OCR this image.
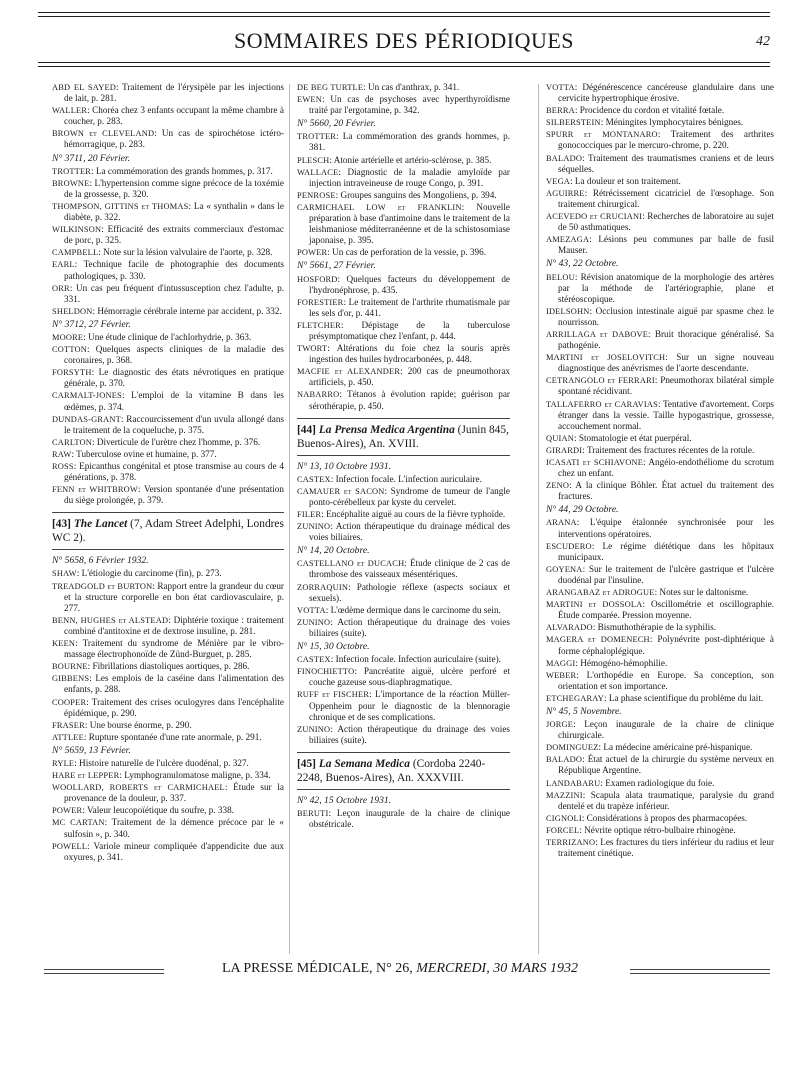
SOMMAIRES DES PÉRIODIQUES	42

ABD EL SAYED: Traitement de l'érysipèle par les injections de lait, p. 281.

WALLER: Choréa chez 3 enfants occupant la même chambre à coucher, p. 283.

BROWN et CLEVELAND: Un cas de spirochétose ictéro-hémorragique, p. 283.

N° 3711, 20 Février.

TROTTER: La commémoration des grands hommes, p. 317.

BROWNE: L'hypertension comme signe précoce de la toxémie de la grossesse, p. 320.

THOMPSON, GITTINS et THOMAS: La « synthalin » dans le diabète, p. 322.

WILKINSON: Efficacité des extraits commerciaux d'estomac de porc, p. 325.

CAMPBELL: Note sur la lésion valvulaire de l'aorte, p. 328.

EARL: Technique facile de photographie des documents pathologiques, p. 330.

ORR: Un cas peu fréquent d'intussusception chez l'adulte, p. 331.

SHELDON: Hémorragie cérébrale interne par accident, p. 332.

N° 3712, 27 Février.

MOORE: Une étude clinique de l'achlorhydrie, p. 363.

COTTON: Quelques aspects cliniques de la maladie des coronaires, p. 368.

FORSYTH: Le diagnostic des états névrotiques en pratique générale, p. 370.

CARMALT-JONES: L'emploi de la vitamine B dans les œdèmes, p. 374.

DUNDAS-GRANT: Raccourcissement d'un uvula allongé dans le traitement de la coqueluche, p. 375.

CARLTON: Diverticule de l'urètre chez l'homme, p. 376.

RAW: Tuberculose ovine et humaine, p. 377.

ROSS: Epicanthus congénital et ptose transmise au cours de 4 générations, p. 378.

FENN et WHITBROW: Version spontanée d'une présentation du siège prolongée, p. 379.

[43] The Lancet (7, Adam Street Adelphi, Londres WC 2).
N° 5658, 6 Février 1932.

SHAW: L'étiologie du carcinome (fin), p. 273.

TREADGOLD et BURTON: Rapport entre la grandeur du cœur et la structure corporelle en bon état cardiovasculaire, p. 277.

BENN, HUGHES et ALSTEAD: Diphtérie toxique : traitement combiné d'antitoxine et de dextrose insuline, p. 281.

KEEN: Traitement du syndrome de Ménière par le vibro-massage électrophonoïde de Zünd-Burguet, p. 285.

BOURNE: Fibrillations diastoliques aortiques, p. 286.

GIBBENS: Les emplois de la caséine dans l'alimentation des enfants, p. 288.

COOPER: Traitement des crises oculogyres dans l'encéphalite épidémique, p. 290.

FRASER: Une bourse énorme, p. 290.

ATTLEE: Rupture spontanée d'une rate anormale, p. 291.

N° 5659, 13 Février.

RYLE: Histoire naturelle de l'ulcère duodénal, p. 327.

HARE et LEPPER: Lymphogranulomatose maligne, p. 334.

WOOLLARD, ROBERTS et CARMICHAEL: Étude sur la provenance de la douleur, p. 337.

POWER: Valeur leucopoïétique du soufre, p. 338.

MC CARTAN: Traitement de la démence précoce par le « sulfosin », p. 340.

POWELL: Variole mineur compliquée d'appendicite due aux oxyures, p. 341.

DE BEG TURTLE: Un cas d'anthrax, p. 341.

EWEN: Un cas de psychoses avec hyperthyroïdisme traité par l'ergotamine, p. 342.

N° 5660, 20 Février.

TROTTER: La commémoration des grands hommes, p. 381.

PLESCH: Atonie artérielle et artério-sclérose, p. 385.

WALLACE: Diagnostic de la maladie amyloïde par injection intraveineuse de rouge Congo, p. 391.

PENROSE: Groupes sanguins des Mongoliens, p. 394.

CARMICHAEL LOW et FRANKLIN: Nouvelle préparation à base d'antimoine dans le traitement de la leishmaniose méditerranéenne et de la schistosomiase japonaise, p. 395.

POWER: Un cas de perforation de la vessie, p. 396.

N° 5661, 27 Février.

HOSFORD: Quelques facteurs du développement de l'hydronéphrose, p. 435.

FORESTIER: Le traitement de l'arthrite rhumatismale par les sels d'or, p. 441.

FLETCHER: Dépistage de la tuberculose présymptomatique chez l'enfant, p. 444.

TWORT: Altérations du foie chez la souris après ingestion des huiles hydrocarbonées, p. 448.

MACFIE et ALEXANDER: 200 cas de pneumothorax artificiels, p. 450.

NABARRO: Tétanos à évolution rapide; guérison par sérothérapie, p. 450.

[44] La Prensa Medica Argentina (Junin 845, Buenos-Aires), An. XVIII.
N° 13, 10 Octobre 1931.

CASTEX: Infection focale. L'infection auriculaire.

CAMAUER et SACON: Syndrome de tumeur de l'angle ponto-cérébelleux par kyste du cervelet.

FILER: Encéphalite aiguë au cours de la fièvre typhoïde.

ZUNINO: Action thérapeutique du drainage médical des voies biliaires.

N° 14, 20 Octobre.

CASTELLANO et DUCACH: Étude clinique de 2 cas de thrombose des vaisseaux mésentériques.

ZORRAQUIN: Pathologie réflexe (aspects sociaux et sexuels).

VOTTA: L'œdème dermique dans le carcinome du sein.

ZUNINO: Action thérapeutique du drainage des voies biliaires (suite).

N° 15, 30 Octobre.

CASTEX: Infection focale. Infection auriculaire (suite).

FINOCHIETTO: Pancréatite aiguë, ulcère perforé et couche gazeuse sous-diaphragmatique.

RUFF et FISCHER: L'importance de la réaction Müller-Oppenheim pour le diagnostic de la blennoragie chronique et de ses complications.

ZUNINO: Action thérapeutique du drainage des voies biliaires (suite).

[45] La Semana Medica (Cordoba 2240-2248, Buenos-Aires), An. XXXVIII.
N° 42, 15 Octobre 1931.

BERUTI: Leçon inaugurale de la chaire de clinique obstétricale.

VOTTA: Dégénérescence cancéreuse glandulaire dans une cervicite hypertrophique érosive.

BERRA: Procidence du cordon et vitalité fœtale.

SILBERSTEIN: Méningites lymphocytaires bénignes.

SPURR et MONTANARO: Traitement des arthrites gonococciques par le mercuro-chrome, p. 220.

BALADO: Traitement des traumatismes craniens et de leurs séquelles.

VEGA: La douleur et son traitement.

AGUIRRE: Rétrécissement cicatriciel de l'œsophage. Son traitement chirurgical.

ACEVEDO et CRUCIANI: Recherches de laboratoire au sujet de 50 asthmatiques.

AMEZAGA: Lésions peu communes par balle de fusil Mauser.

N° 43, 22 Octobre.

BELOU: Révision anatomique de la morphologie des artères par la méthode de l'artériographie, plane et stéréoscopique.

IDELSOHN: Occlusion intestinale aiguë par spasme chez le nourrisson.

ARRILLAGA et DABOVE: Bruit thoracique généralisé. Sa pathogénie.

MARTINI et JOSELOVITCH: Sur un signe nouveau diagnostique des anévrismes de l'aorte descendante.

CETRANGOLO et FERRARI: Pneumothorax bilatéral simple spontané récidivant.

TALLAFERRO et CARAVIAS: Tentative d'avortement. Corps étranger dans la vessie. Taille hypogastrique, grossesse, accouchement normal.

QUIAN: Stomatologie et état puerpéral.

GIRARDI: Traitement des fractures récentes de la rotule.

ICASATI et SCHIAVONE: Angéio-endothéliome du scrotum chez un enfant.

ZENO: A la clinique Böhler. État actuel du traitement des fractures.

N° 44, 29 Octobre.

ARANA: L'équipe étalonnée synchronisée pour les interventions opératoires.

ESCUDERO: Le régime diététique dans les hôpitaux municipaux.

GOYENA: Sur le traitement de l'ulcère gastrique et l'ulcère duodénal par l'insuline.

ARANGABAZ et ADROGUE: Notes sur le daltonisme.

MARTINI et DOSSOLA: Oscillométrie et oscillographie. Étude comparée. Pression moyenne.

ALVARADO: Bismuthothérapie de la syphilis.

MAGERA et DOMENECH: Polynévrite post-diphtérique à forme céphaloplégique.

MAGGI: Hémogéno-hémophilie.

WEBER: L'orthopédie en Europe. Sa conception, son orientation et son importance.

ETCHEGARAY: La phase scientifique du problème du lait.

N° 45, 5 Novembre.

JORGE: Leçon inaugurale de la chaire de clinique chirurgicale.

DOMINGUEZ: La médecine américaine pré-hispanique.

BALADO: État actuel de la chirurgie du système nerveux en République Argentine.

LANDABARU: Examen radiologique du foie.

MAZZINI: Scapula alata traumatique, paralysie du grand dentelé et du trapèze inférieur.

CIGNOLI: Considérations à propos des pharmacopées.

FORCEL: Névrite optique rétro-bulbaire rhinogène.

TERRIZANO: Les fractures du tiers inférieur du radius et leur traitement cinétique.

LA PRESSE MÉDICALE, N° 26, MERCREDI, 30 MARS 1932
